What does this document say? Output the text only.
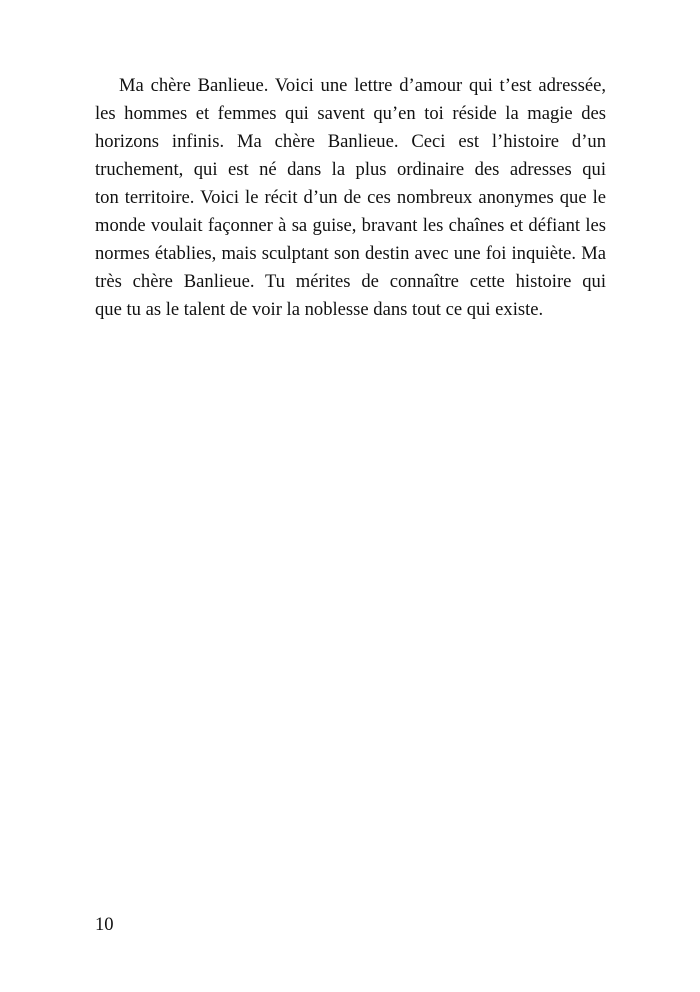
Ma chère Banlieue. Voici une lettre d’amour qui t’est adressée,
les hommes et femmes qui savent qu’en toi réside la magie des
horizons infinis. Ma chère Banlieue. Ceci est l’histoire d’un
truchement, qui est né dans la plus ordinaire des adresses qui
ton territoire. Voici le récit d’un de ces nombreux anonymes que le
monde voulait façonner à sa guise, bravant les chaînes et défiant les
normes établies, mais sculptant son destin avec une foi inquiète. Ma
très chère Banlieue. Tu mérites de connaître cette histoire qui
que tu as le talent de voir la noblesse dans tout ce qui existe.
10
